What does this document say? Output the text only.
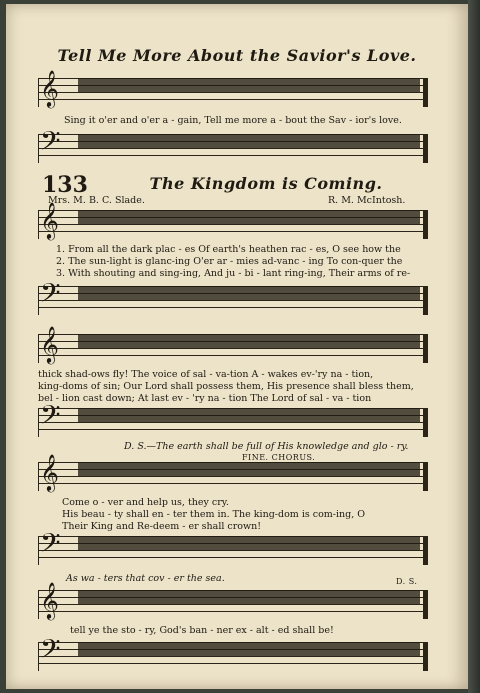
Tell Me More About the Savior's Love.
𝄞
Sing it o'er and o'er a - gain, Tell me more a - bout the Sav - ior's love.
𝄢
133	The Kingdom is Coming.
Mrs. M. B. C. Slade.	R. M. McIntosh.
𝄞
1. From all the dark plac - es Of earth's heathen rac - es, O see how the
2. The sun-light is glanc-ing O'er ar - mies ad-vanc - ing To con-quer the
3. With shouting and sing-ing, And ju - bi - lant ring-ing, Their arms of re-
𝄢
𝄞
thick shad-ows fly! The voice of sal - va-tion A - wakes ev-'ry na - tion,
king-doms of sin; Our Lord shall possess them, His presence shall bless them,
bel - lion cast down; At last ev - 'ry na - tion The Lord of sal - va - tion
𝄢
D. S.—The earth shall be full of His knowledge and glo - ry.
FINE. CHORUS.
𝄞
Come o - ver and help us, they cry.
His beau - ty shall en - ter them in. The king-dom is com-ing, O
Their King and Re-deem - er shall crown!
𝄢
As wa - ters that cov - er the sea.	D. S.
𝄞
tell ye the sto - ry, God's ban - ner ex - alt - ed shall be!
𝄢
